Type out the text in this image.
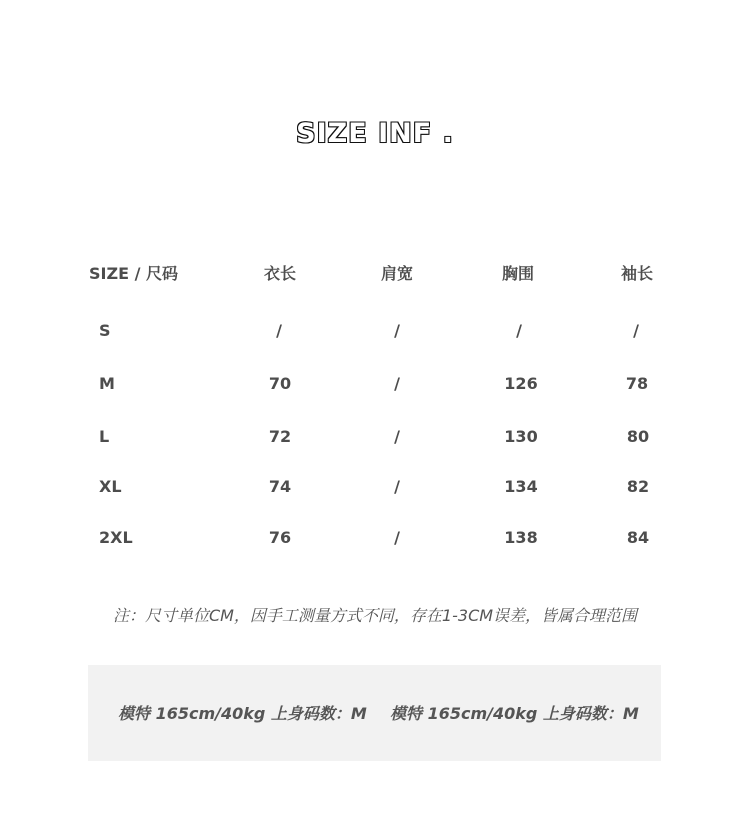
SIZE INF .
SIZE / 尺码	衣长	肩宽	胸围	袖长
S	/	/	/	/
M	70	/	126	78
L	72	/	130	80
XL	74	/	134	82
2XL	76	/	138	84
注：尺寸单位CM，因手工测量方式不同，存在1-3CM误差，皆属合理范围
模特 165cm/40kg 上身码数：M 模特 165cm/40kg 上身码数：M
